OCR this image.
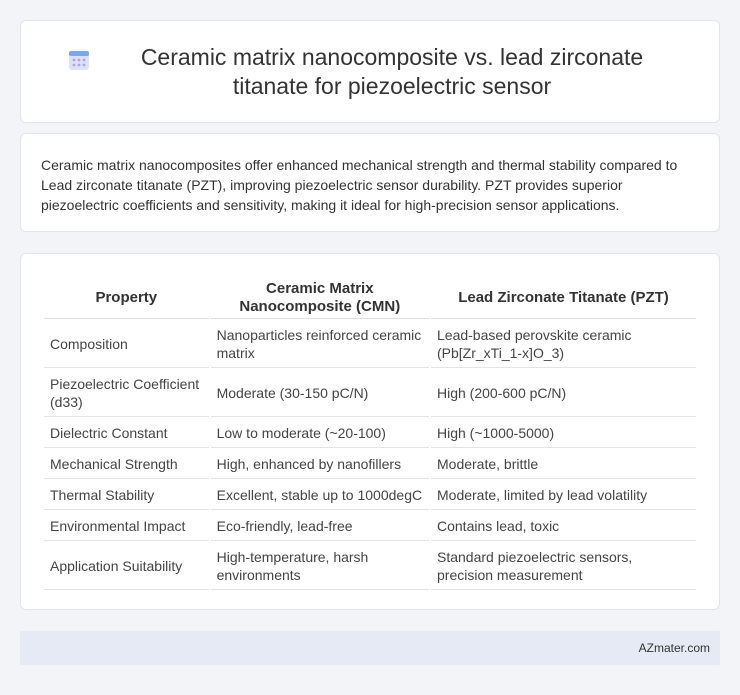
Ceramic matrix nanocomposite vs. lead zirconate titanate for piezoelectric sensor

Ceramic matrix nanocomposites offer enhanced mechanical strength and thermal stability compared to Lead zirconate titanate (PZT), improving piezoelectric sensor durability. PZT provides superior piezoelectric coefficients and sensitivity, making it ideal for high-precision sensor applications.

Property	Ceramic Matrix Nanocomposite (CMN)	Lead Zirconate Titanate (PZT)
Composition	Nanoparticles reinforced ceramic matrix	Lead-based perovskite ceramic (Pb[Zr_xTi_1-x]O_3)
Piezoelectric Coefficient (d33)	Moderate (30-150 pC/N)	High (200-600 pC/N)
Dielectric Constant	Low to moderate (~20-100)	High (~1000-5000)
Mechanical Strength	High, enhanced by nanofillers	Moderate, brittle
Thermal Stability	Excellent, stable up to 1000degC	Moderate, limited by lead volatility
Environmental Impact	Eco-friendly, lead-free	Contains lead, toxic
Application Suitability	High-temperature, harsh environments	Standard piezoelectric sensors, precision measurement
AZmater.com
